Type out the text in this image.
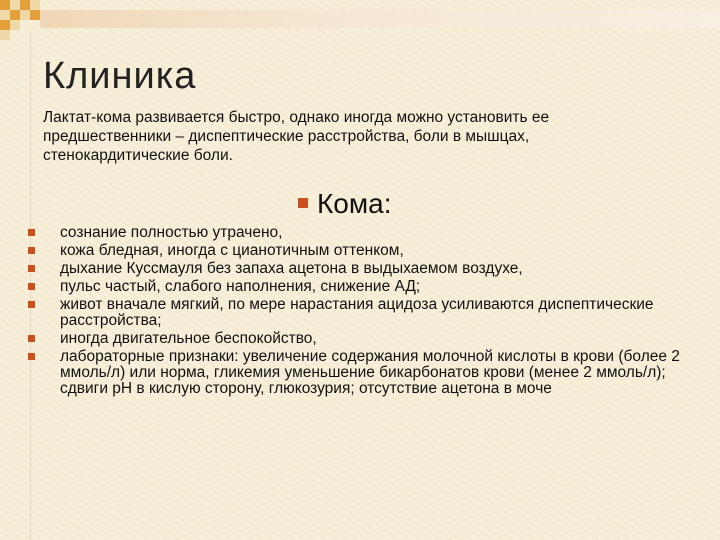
Клиника
Лактат-кома развивается быстро, однако иногда можно установить ее предшественники – диспептические расстройства, боли в мышцах, стенокардитические боли.
Кома:
сознание полностью утрачено,
кожа бледная, иногда с цианотичным оттенком,
дыхание Куссмауля без запаха ацетона в выдыхаемом воздухе,
пульс частый, слабого наполнения, снижение АД;
живот вначале мягкий, по мере нарастания ацидоза усиливаются диспептические расстройства;
иногда двигательное беспокойство,
лабораторные признаки: увеличение содержания молочной кислоты в крови (более 2 ммоль/л) или норма, гликемия уменьшение бикарбонатов крови (менее 2 ммоль/л); сдвиги рН в кислую сторону, глюкозурия; отсутствие ацетона в моче
